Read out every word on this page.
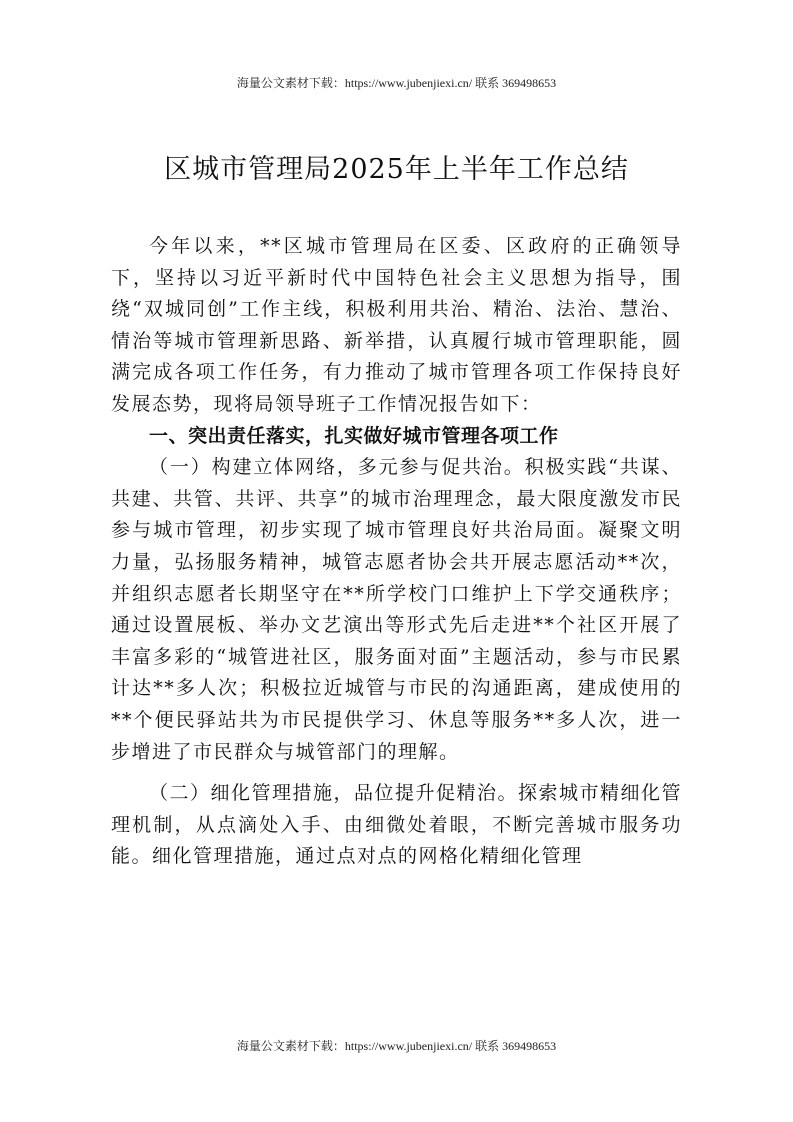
海量公文素材下载：https://www.jubenjiexi.cn/ 联系 369498653
区城市管理局2025年上半年工作总结

今年以来，**区城市管理局在区委、区政府的正确领导下，坚持以习近平新时代中国特色社会主义思想为指导，围绕“双城同创”工作主线，积极利用共治、精治、法治、慧治、情治等城市管理新思路、新举措，认真履行城市管理职能，圆满完成各项工作任务，有力推动了城市管理各项工作保持良好发展态势，现将局领导班子工作情况报告如下：

一、突出责任落实，扎实做好城市管理各项工作

（一）构建立体网络，多元参与促共治。积极实践“共谋、共建、共管、共评、共享”的城市治理理念，最大限度激发市民参与城市管理，初步实现了城市管理良好共治局面。凝聚文明力量，弘扬服务精神，城管志愿者协会共开展志愿活动**次，并组织志愿者长期坚守在**所学校门口维护上下学交通秩序；通过设置展板、举办文艺演出等形式先后走进**个社区开展了丰富多彩的“城管进社区，服务面对面”主题活动，参与市民累计达**多人次；积极拉近城管与市民的沟通距离，建成使用的**个便民驿站共为市民提供学习、休息等服务**多人次，进一步增进了市民群众与城管部门的理解。

（二）细化管理措施，品位提升促精治。探索城市精细化管理机制，从点滴处入手、由细微处着眼，不断完善城市服务功能。细化管理措施，通过点对点的网格化精细化管理

海量公文素材下载：https://www.jubenjiexi.cn/ 联系 369498653
